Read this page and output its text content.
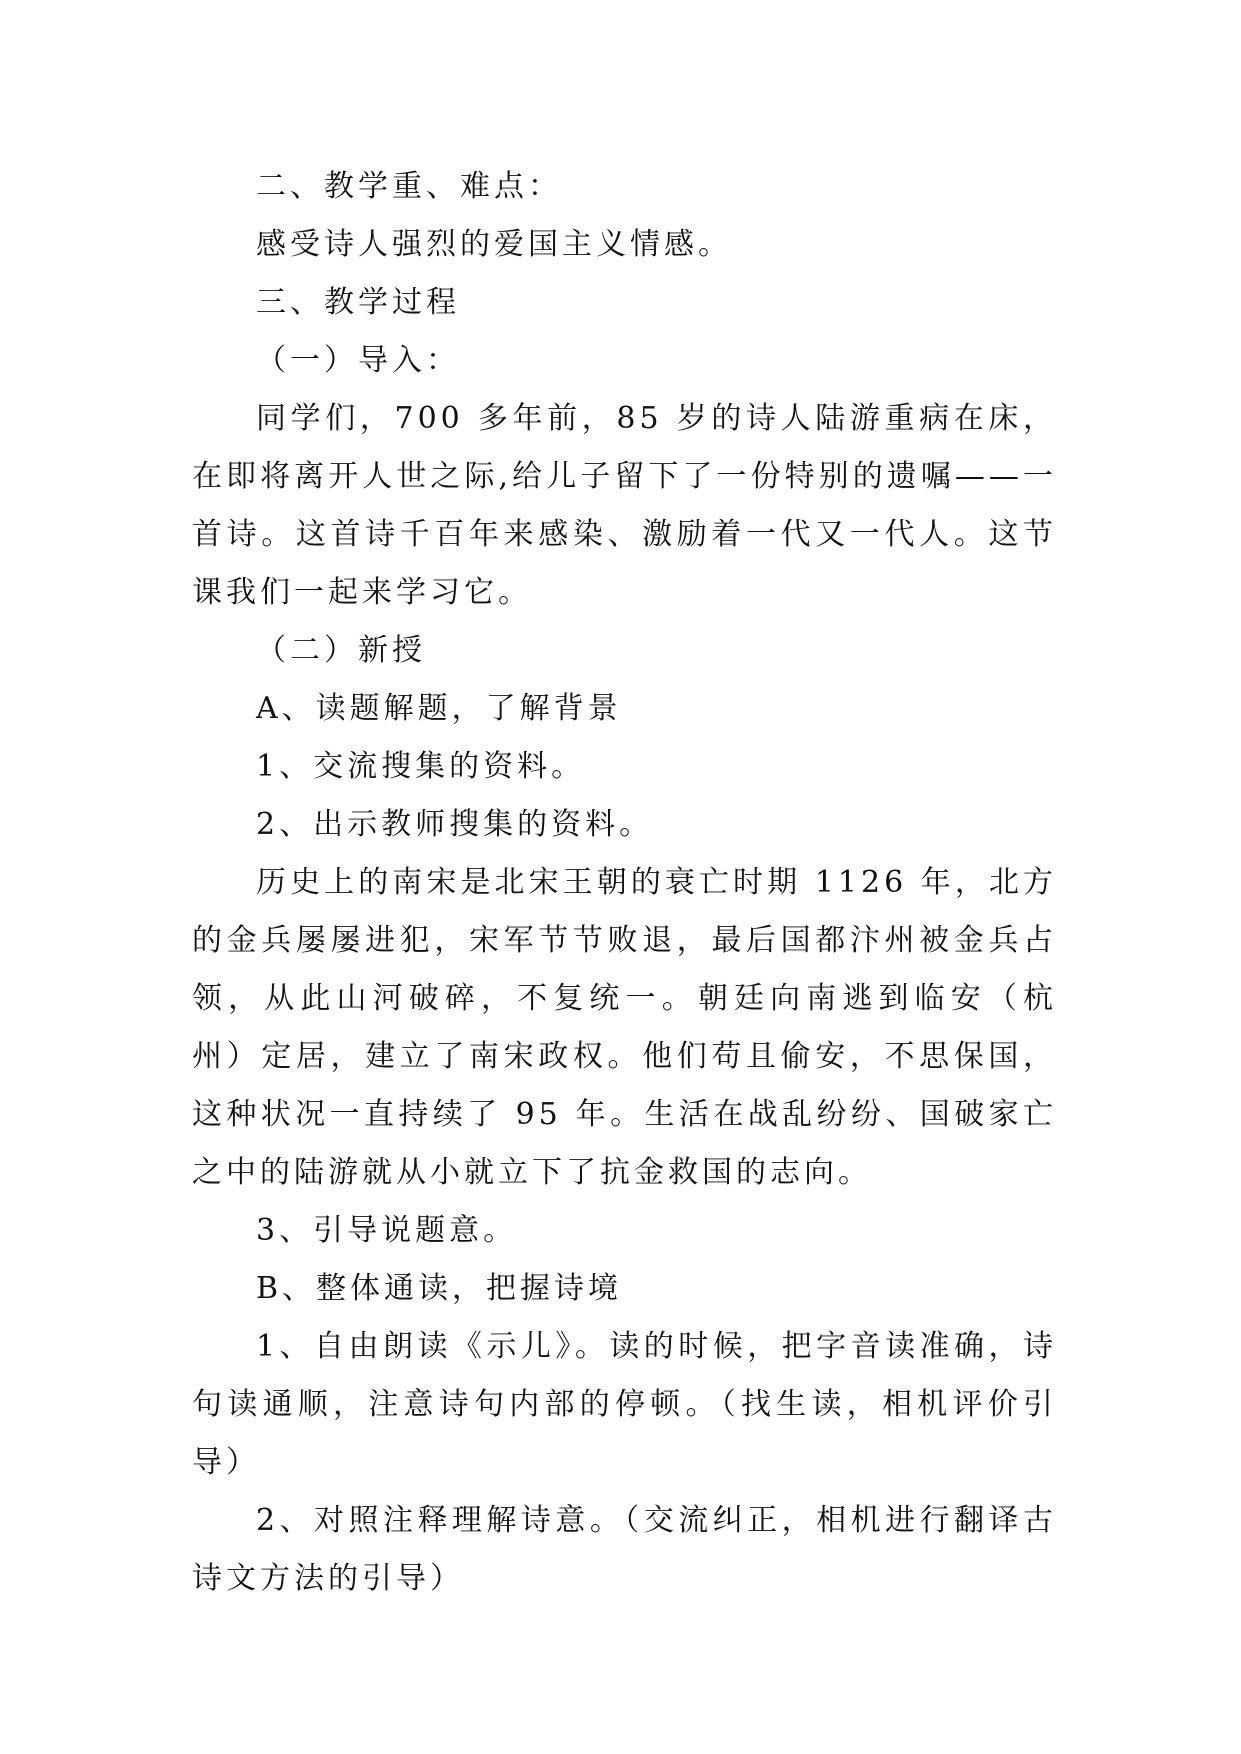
二、教学重、难点：

感受诗人强烈的爱国主义情感。

三、教学过程

（一）导入：

同学们，700 多年前，85 岁的诗人陆游重病在床，在即将离开人世之际,给儿子留下了一份特别的遗嘱——一首诗。这首诗千百年来感染、激励着一代又一代人。这节课我们一起来学习它。

（二）新授

A、读题解题，了解背景

1、交流搜集的资料。

2、出示教师搜集的资料。

历史上的南宋是北宋王朝的衰亡时期 1126 年，北方的金兵屡屡进犯，宋军节节败退，最后国都汴州被金兵占领，从此山河破碎，不复统一。朝廷向南逃到临安（杭州）定居，建立了南宋政权。他们苟且偷安，不思保国，这种状况一直持续了 95 年。生活在战乱纷纷、国破家亡之中的陆游就从小就立下了抗金救国的志向。

3、引导说题意。

B、整体通读，把握诗境

1、自由朗读《示儿》。读的时候，把字音读准确，诗句读通顺，注意诗句内部的停顿。（找生读，相机评价引导）

2、对照注释理解诗意。（交流纠正，相机进行翻译古诗文方法的引导）
